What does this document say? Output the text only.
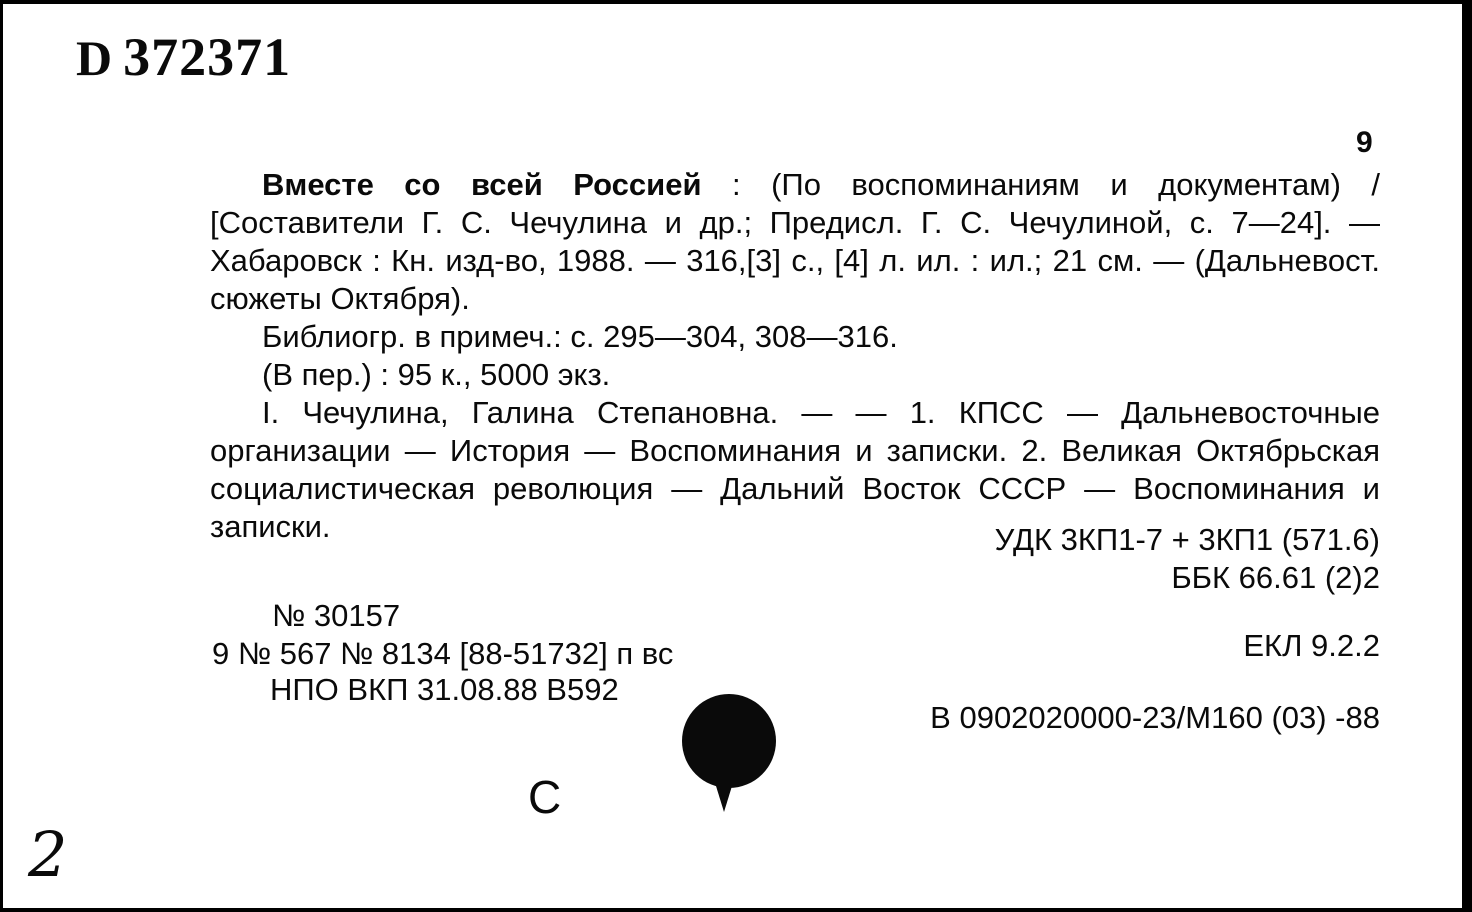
D 372371
9

Вместе со всей Россией : (По воспоминаниям и документам) / [Составители Г. С. Чечулина и др.; Предисл. Г. С. Чечулиной, с. 7—24]. — Хабаровск : Кн. изд-во, 1988. — 316,[3] с., [4] л. ил. : ил.; 21 см. — (Дальневост. сюжеты Октября).

Библиогр. в примеч.: с. 295—304, 308—316.

(В пер.) : 95 к., 5000 экз.

I. Чечулина, Галина Степановна. — — 1. КПСС — Дальневосточные организации — История — Воспоминания и записки. 2. Великая Октябрьская социалистическая революция — Дальний Восток СССР — Воспоминания и записки.	УДК 3КП1-7 + 3КП1 (571.6)
ББК 66.61 (2)2
ЕКЛ 9.2.2
В 0902020000-23/М160 (03) -88
№ 30157
9 № 567 № 8134 [88-51732] п вс
НПО ВКП 31.08.88 В592
С
2
